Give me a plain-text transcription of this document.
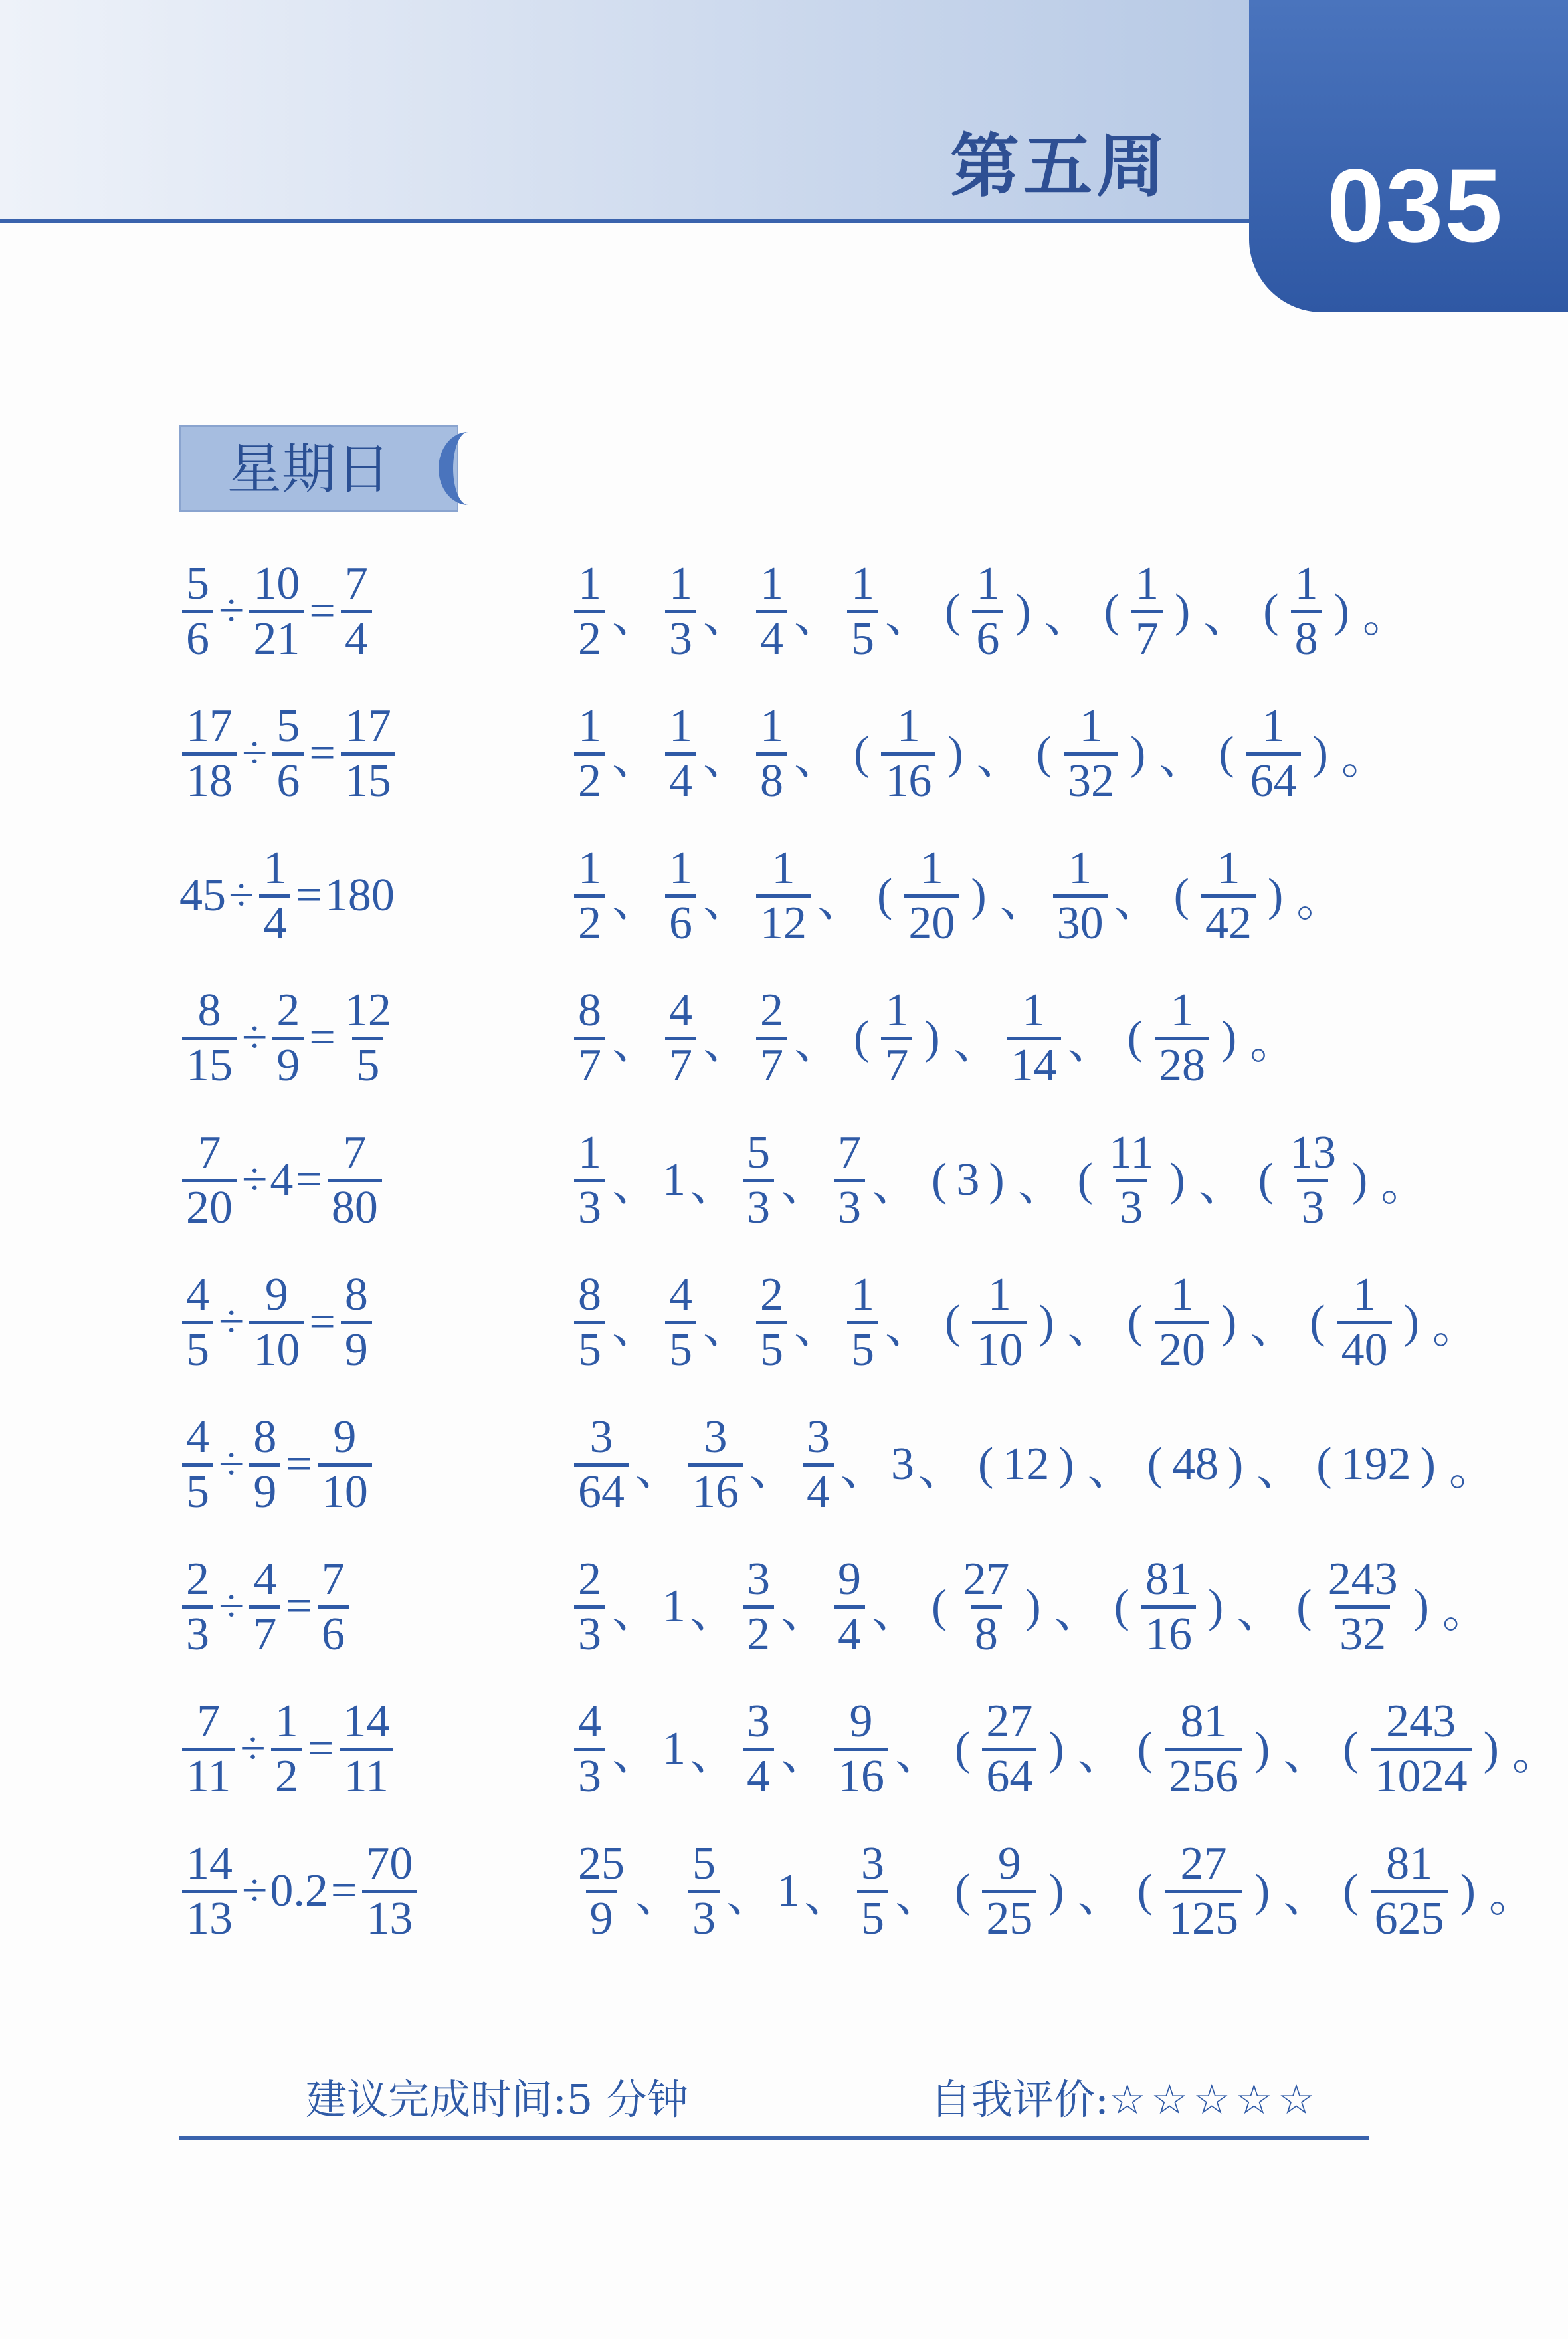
第五周	035
星期日
$\frac{5}{6} \div \frac{10}{21} = \frac{7}{4}$
$\frac{17}{18} \div \frac{5}{6} = \frac{17}{15}$
$45 \div \frac{1}{4} = 180$
$\frac{8}{15} \div \frac{2}{9} = \frac{12}{5}$
$\frac{7}{20} \div 4 = \frac{7}{80}$
$\frac{4}{5} \div \frac{9}{10} = \frac{8}{9}$
$\frac{4}{5} \div \frac{8}{9} = \frac{9}{10}$
$\frac{2}{3} \div \frac{4}{7} = \frac{7}{6}$
$\frac{7}{11} \div \frac{1}{2} = \frac{14}{11}$
$\frac{14}{13} \div 0.2 = \frac{70}{13}$
$\frac{1}{2}$ 、 $\frac{1}{3}$ 、 $\frac{1}{4}$ 、 $\frac{1}{5}$ 、 ( $\frac{1}{6}$ ) 、 ( $\frac{1}{7}$ ) 、 ( $\frac{1}{8}$ ) 。
$\frac{1}{2}$ 、 $\frac{1}{4}$ 、 $\frac{1}{8}$ 、 ( $\frac{1}{16}$ ) 、 ( $\frac{1}{32}$ ) 、 ( $\frac{1}{64}$ ) 。
$\frac{1}{2}$ 、 $\frac{1}{6}$ 、 $\frac{1}{12}$ 、 ( $\frac{1}{20}$ ) 、 $\frac{1}{30}$ 、 ( $\frac{1}{42}$ ) 。
$\frac{8}{7}$ 、 $\frac{4}{7}$ 、 $\frac{2}{7}$ 、 ( $\frac{1}{7}$ ) 、 $\frac{1}{14}$ 、 ( $\frac{1}{28}$ ) 。
$\frac{1}{3}$ 、 1 、 $\frac{5}{3}$ 、 $\frac{7}{3}$ 、 ( 3 ) 、 ( $\frac{11}{3}$ ) 、 ( $\frac{13}{3}$ ) 。
$\frac{8}{5}$ 、 $\frac{4}{5}$ 、 $\frac{2}{5}$ 、 $\frac{1}{5}$ 、 ( $\frac{1}{10}$ ) 、 ( $\frac{1}{20}$ ) 、 ( $\frac{1}{40}$ ) 。
$\frac{3}{64}$ 、 $\frac{3}{16}$ 、 $\frac{3}{4}$ 、 3 、 ( 12 ) 、 ( 48 ) 、 ( 192 ) 。
$\frac{2}{3}$ 、 1 、 $\frac{3}{2}$ 、 $\frac{9}{4}$ 、 ( $\frac{27}{8}$ ) 、 ( $\frac{81}{16}$ ) 、 ( $\frac{243}{32}$ ) 。
$\frac{4}{3}$ 、 1 、 $\frac{3}{4}$ 、 $\frac{9}{16}$ 、 ( $\frac{27}{64}$ ) 、 ( $\frac{81}{256}$ ) 、 ( $\frac{243}{1024}$ ) 。
$\frac{25}{9}$ 、 $\frac{5}{3}$ 、 1 、 $\frac{3}{5}$ 、 ( $\frac{9}{25}$ ) 、 ( $\frac{27}{125}$ ) 、 ( $\frac{81}{625}$ ) 。
建议完成时间:5 分钟	自我评价:☆☆☆☆☆
